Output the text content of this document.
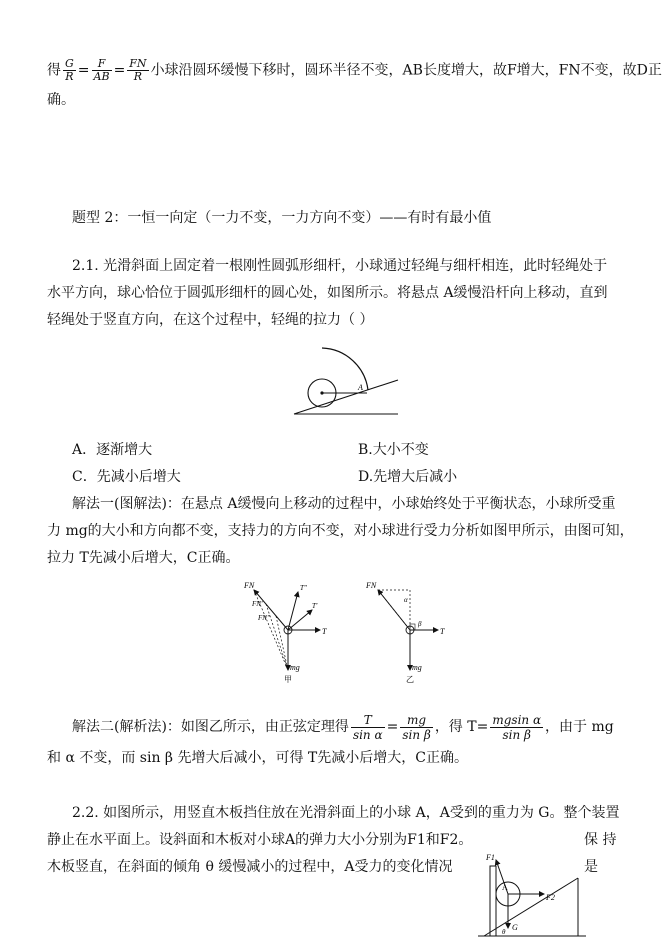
得 $\frac{G}{R} = \frac{F}{AB} = \frac{FN}{R}$ 小球沿圆环缓慢下移时，圆环半径不变，AB长度增大，故F增大，FN不变，故D正
确。
题型 2：一恒一向定（一力不变，一力方向不变）——有时有最小值
2.1. 光滑斜面上固定着一根刚性圆弧形细杆，小球通过轻绳与细杆相连，此时轻绳处于
水平方向，球心恰位于圆弧形细杆的圆心处，如图所示。将悬点 A缓慢沿杆向上移动，直到
轻绳处于竖直方向，在这个过程中，轻绳的拉力（ ）
A
A．逐渐增大	B.大小不变
C．先减小后增大	D.先增大后减小
解法一(图解法)：在悬点 A缓慢向上移动的过程中，小球始终处于平衡状态，小球所受重
力 mg的大小和方向都不变，支持力的方向不变，对小球进行受力分析如图甲所示，由图可知，
拉力 T先减小后增大，C正确。
FN
FN'
FN"
T"
T'
T
mg
甲
FN
α
β
T
mg
乙
解法二(解析法)：如图乙所示，由正弦定理得 $\frac{T}{\text{sin α}} = \frac{mg}{\text{sin β}}$ ，得 $T= \frac{\text{mgsin α}}{\text{sin β}}$ ，由于 mg
和 α 不变，而 sin β 先增大后减小，可得 T先减小后增大，C正确。
2.2. 如图所示，用竖直木板挡住放在光滑斜面上的小球 A，A受到的重力为 G。整个装置
静止在水平面上。设斜面和木板对小球A的弹力大小分别为F1和F2。	保 持
木板竖直，在斜面的倾角 θ 缓慢减小的过程中，A受力的变化情况	是
F1
F2
A
G
θ
